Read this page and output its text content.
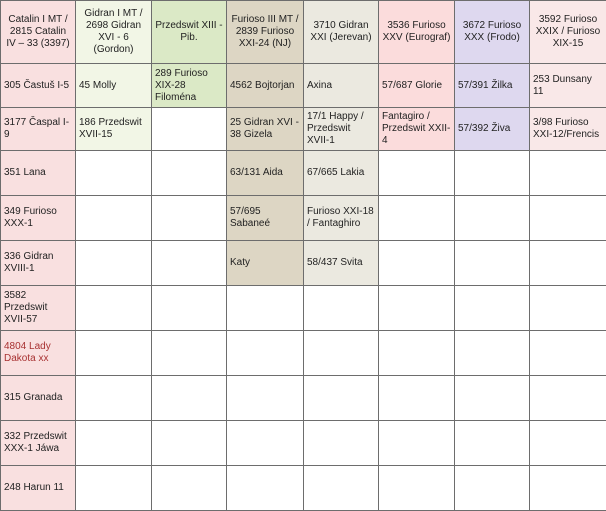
Catalin I MT / 2815 Catalin IV – 33 (3397)	Gidran I MT / 2698 Gidran XVI - 6 (Gordon)	Przedswit XIII - Pib.	Furioso III MT / 2839 Furioso XXI-24 (NJ)	3710 Gidran XXI (Jerevan)	3536 Furioso XXV (Eurograf)	3672 Furioso XXX (Frodo)	3592 Furioso XXIX / Furioso XIX-15
305 Častuš I-5	45 Molly	289 Furioso XIX-28 Filoména	4562 Bojtorjan	Axina	57/687 Glorie	57/391 Žilka	253 Dunsany 11
3177 Časpal I-9	186 Przedswit XVII-15		25 Gidran XVI - 38 Gizela	17/1 Happy / Przedswit XVII-1	Fantagiro / Przedswit XXII-4	57/392 Živa	3/98 Furioso XXI-12/Frencis
351 Lana			63/131 Aida	67/665 Lakia			
349 Furioso XXX-1			57/695 Sabaneé	Furioso XXI-18 / Fantaghiro			
336 Gidran XVIII-1			Katy	58/437 Svita			
3582 Przedswit XVII-57							
4804 Lady Dakota xx							
315 Granada							
332 Przedswit XXX-1 Jáwa							
248 Harun 11							
